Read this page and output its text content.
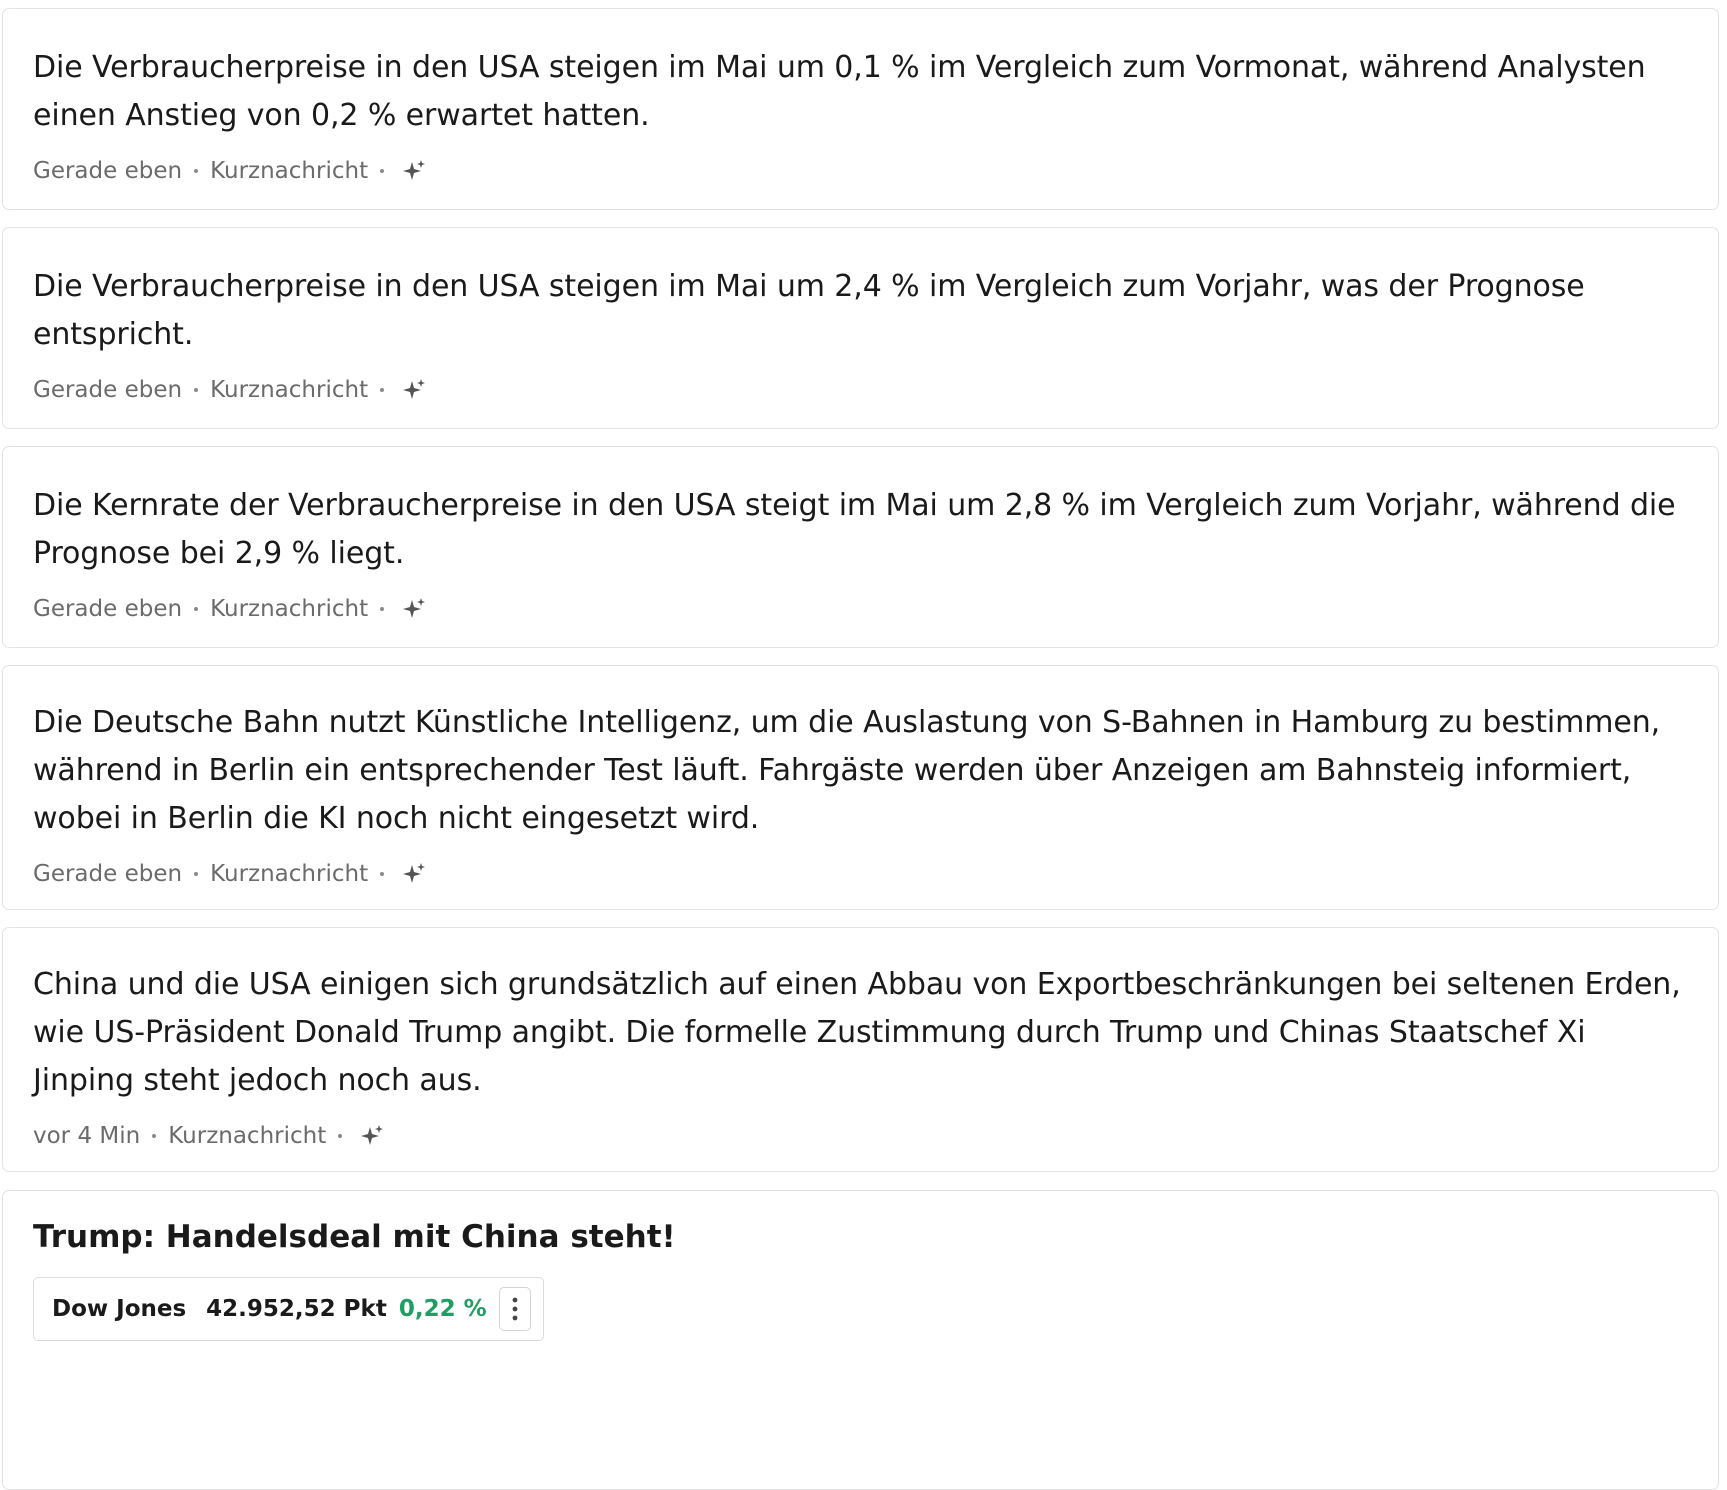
Die Verbraucherpreise in den USA steigen im Mai um 0,1 % im Vergleich zum Vormonat, während Analysten einen Anstieg von 0,2 % erwartet hatten.

Gerade eben Kurznachricht

Die Verbraucherpreise in den USA steigen im Mai um 2,4 % im Vergleich zum Vorjahr, was der Prognose entspricht.

Gerade eben Kurznachricht

Die Kernrate der Verbraucherpreise in den USA steigt im Mai um 2,8 % im Vergleich zum Vorjahr, während die Prognose bei 2,9 % liegt.

Gerade eben Kurznachricht

Die Deutsche Bahn nutzt Künstliche Intelligenz, um die Auslastung von S-Bahnen in Hamburg zu bestimmen, während in Berlin ein entsprechender Test läuft. Fahrgäste werden über Anzeigen am Bahnsteig informiert, wobei in Berlin die KI noch nicht eingesetzt wird.

Gerade eben Kurznachricht

China und die USA einigen sich grundsätzlich auf einen Abbau von Exportbeschränkungen bei seltenen Erden, wie US-Präsident Donald Trump angibt. Die formelle Zustimmung durch Trump und Chinas Staatschef Xi Jinping steht jedoch noch aus.

vor 4 Min Kurznachricht
Trump: Handelsdeal mit China steht!
Dow Jones 42.952,52 Pkt 0,22 %
